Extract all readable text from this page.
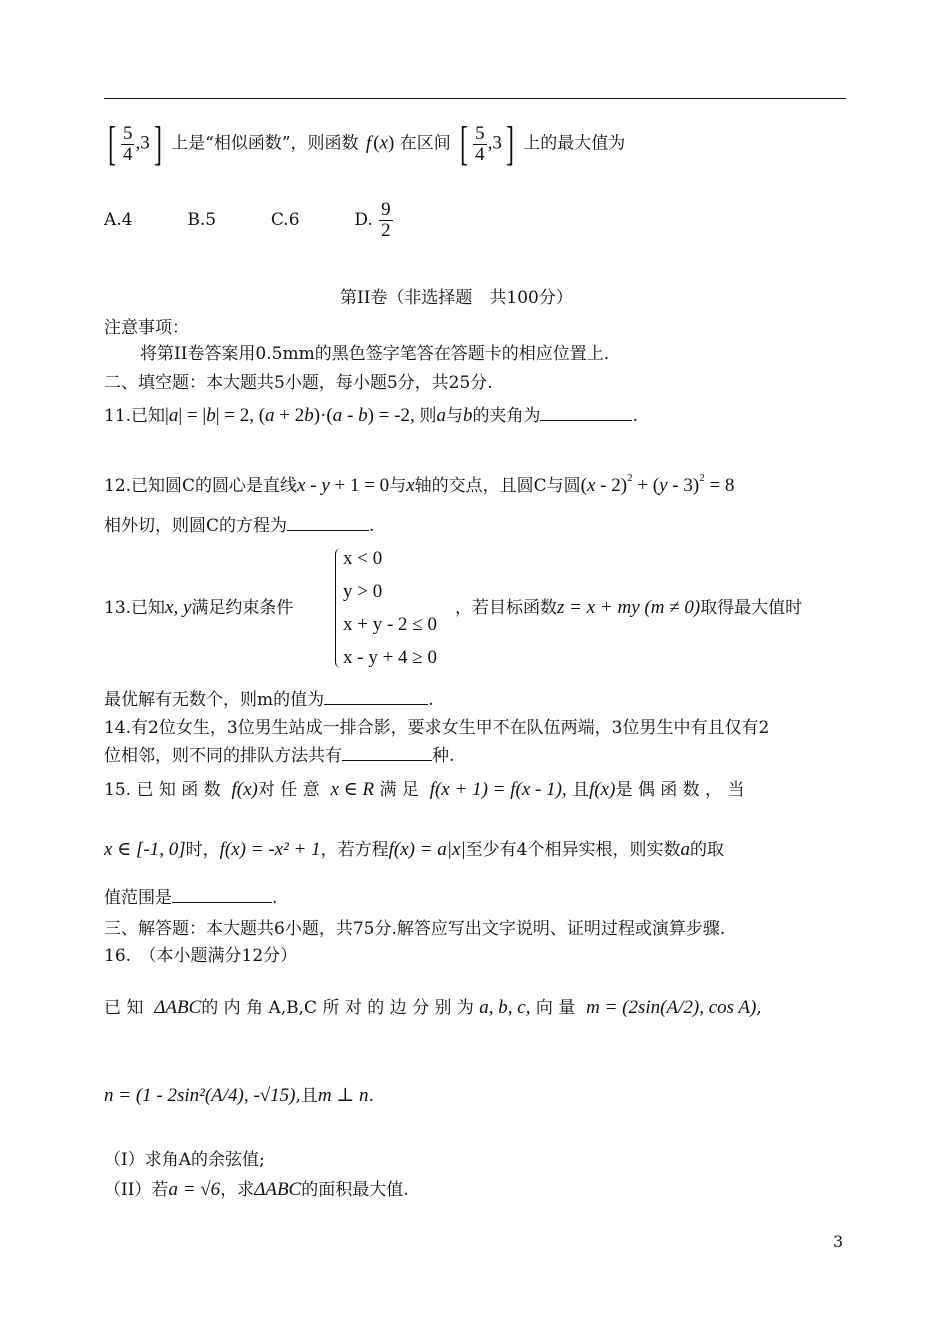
[ $\frac{5}{4} ,3$] 上是“相似函数”，则函数 f (x) 在区间 [ $\frac{5}{4} ,3$] 上的最大值为
A.4	B.5	C.6	D. $\frac{9}{2}$
第II卷（非选择题　共100分）
注意事项：
将第II卷答案用0.5mm的黑色签字笔答在答题卡的相应位置上.
二、填空题：本大题共5小题，每小题5分，共25分.
11.已知|a| = |b| = 2, (a + 2b)·(a - b) = -2, 则a与b的夹角为	.
12.已知圆C的圆心是直线x - y + 1 = 0与x轴的交点，且圆C与圆(x - 2)$^2$ + (y - 3)$^2$ = 8
相外切，则圆C的方程为	.
13.已知x, y满足约束条件
x < 0
y > 0
x + y - 2 ≤ 0
x - y + 4 ≥ 0
，若目标函数z = x + my (m ≠ 0)取得最大值时
最优解有无数个，则m的值为	.
14.有2位女生，3位男生站成一排合影，要求女生甲不在队伍两端，3位男生中有且仅有2
位相邻，则不同的排队方法共有	种.
15. 已 知 函 数 f(x)对 任 意 x ∈ R 满 足 f(x + 1) = f(x - 1), 且f(x)是 偶 函 数 ， 当
x ∈ [-1, 0]时，f(x) = -x² + 1，若方程f(x) = a|x|至少有4个相异实根，则实数a的取
值范围是	.
三、解答题：本大题共6小题，共75分.解答应写出文字说明、证明过程或演算步骤.
16.　（本小题满分12分）
已 知 ΔABC的 内 角 A,B,C 所 对 的 边 分 别 为 a, b, c, 向 量 m = (2sin(A/2), cos A),
n = (1 - 2sin²(A/4), -√15),且m ⊥ n.
（I）求角A的余弦值;
（II）若a = √6，求ΔABC的面积最大值.
3
